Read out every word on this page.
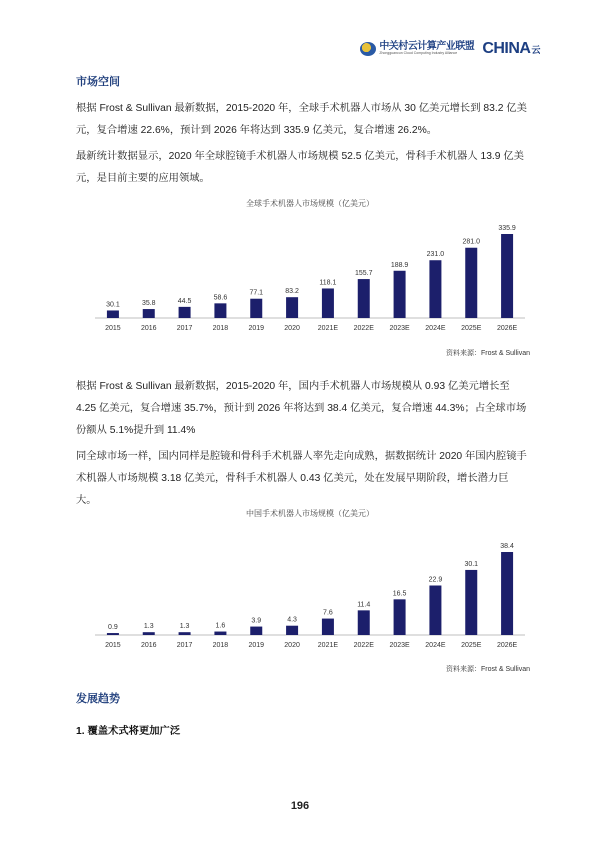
中关村云计算产业联盟
Zhongguancun Cloud Computing Industry Alliance	CHINA云
市场空间

根据 Frost & Sullivan 最新数据，2015-2020 年，全球手术机器人市场从 30 亿美元增长到 83.2 亿美元，复合增速 22.6%，预计到 2026 年将达到 335.9 亿美元，复合增速 26.2%。

最新统计数据显示，2020 年全球腔镜手术机器人市场规模 52.5 亿美元，骨科手术机器人 13.9 亿美元，是目前主要的应用领域。

全球手术机器人市场规模（亿美元）
30.1
2015
35.8
2016
44.5
2017
58.6
2018
77.1
2019
83.2
2020
118.1
2021E
155.7
2022E
188.9
2023E
231.0
2024E
281.0
2025E
335.9
2026E
资料来源：Frost & Sullivan

根据 Frost & Sullivan 最新数据，2015-2020 年，国内手术机器人市场规模从 0.93 亿美元增长至 4.25 亿美元，复合增速 35.7%，预计到 2026 年将达到 38.4 亿美元，复合增速 44.3%；占全球市场份额从 5.1%提升到 11.4%

同全球市场一样，国内同样是腔镜和骨科手术机器人率先走向成熟，据数据统计 2020 年国内腔镜手术机器人市场规模 3.18 亿美元，骨科手术机器人 0.43 亿美元，处在发展早期阶段，增长潜力巨大。

中国手术机器人市场规模（亿美元）
0.9
2015
1.3
2016
1.3
2017
1.6
2018
3.9
2019
4.3
2020
7.6
2021E
11.4
2022E
16.5
2023E
22.9
2024E
30.1
2025E
38.4
2026E
资料来源：Frost & Sullivan
发展趋势
1. 覆盖术式将更加广泛
196
